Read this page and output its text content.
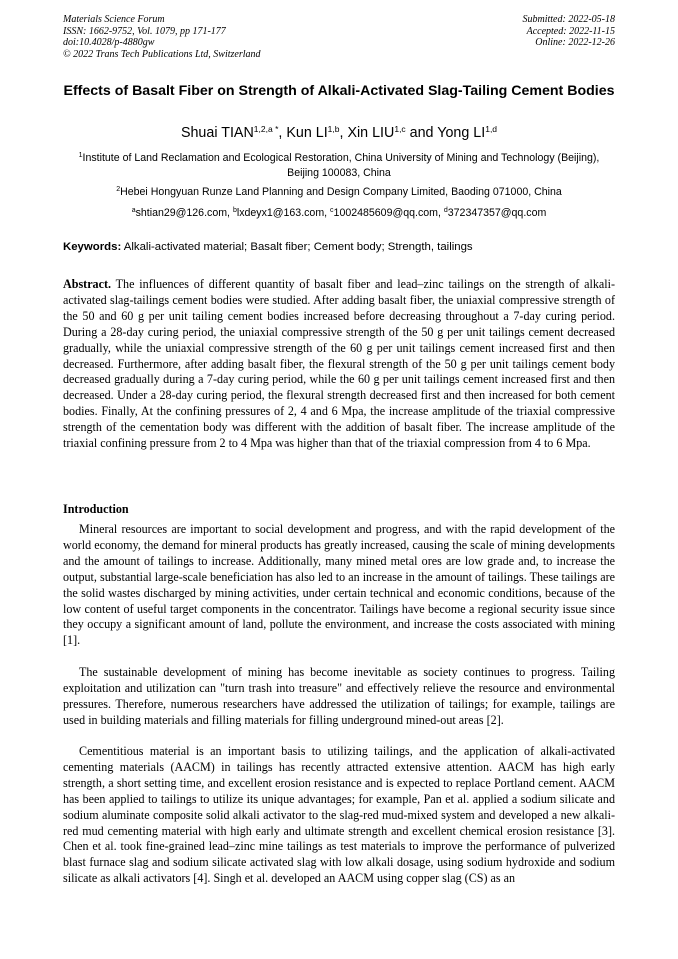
Materials Science Forum
ISSN: 1662-9752, Vol. 1079, pp 171-177
doi:10.4028/p-4880gw
© 2022 Trans Tech Publications Ltd, Switzerland
Submitted: 2022-05-18
Accepted: 2022-11-15
Online: 2022-12-26
Effects of Basalt Fiber on Strength of Alkali-Activated Slag-Tailing Cement Bodies
Shuai $TIAN^{1,2,a *}$, Kun LI$^{1,b}$, Xin LIU$^{1,c}$ and Yong LI$^{1,d}$
$^1$Institute of Land Reclamation and Ecological Restoration, China University of Mining and Technology (Beijing), Beijing 100083, China
$^2$Hebei Hongyuan Runze Land Planning and Design Company Limited, Baoding 071000, China
$^a$shtian29@126.com, $^b$lxdeyx1@163.com, $^c$1002485609@qq.com, $^d$372347357@qq.com
Keywords: Alkali-activated material; Basalt fiber; Cement body; Strength, tailings
Abstract. The influences of different quantity of basalt fiber and lead–zinc tailings on the strength of alkali-activated slag-tailings cement bodies were studied. After adding basalt fiber, the uniaxial compressive strength of the 50 and 60 g per unit tailing cement bodies increased before decreasing throughout a 7-day curing period. During a 28-day curing period, the uniaxial compressive strength of the 50 g per unit tailings cement decreased gradually, while the uniaxial compressive strength of the 60 g per unit tailings cement increased first and then decreased. Furthermore, after adding basalt fiber, the flexural strength of the 50 g per unit tailings cement body decreased gradually during a 7-day curing period, while the 60 g per unit tailings cement increased first and then decreased. Under a 28-day curing period, the flexural strength decreased first and then increased for both cement bodies. Finally, At the confining pressures of 2, 4 and 6 Mpa, the increase amplitude of the triaxial compressive strength of the cementation body was different with the addition of basalt fiber. The increase amplitude of the triaxial confining pressure from 2 to 4 Mpa was higher than that of the triaxial compression from 4 to 6 Mpa.
Introduction
Mineral resources are important to social development and progress, and with the rapid development of the world economy, the demand for mineral products has greatly increased, causing the scale of mining developments and the amount of tailings to increase. Additionally, many mined metal ores are low grade and, to increase the output, substantial large-scale beneficiation has also led to an increase in the amount of tailings. These tailings are the solid wastes discharged by mining activities, under certain technical and economic conditions, because of the low content of useful target components in the concentrator. Tailings have become a regional security issue since they occupy a significant amount of land, pollute the environment, and increase the costs associated with mining [1].
The sustainable development of mining has become inevitable as society continues to progress. Tailing exploitation and utilization can "turn trash into treasure" and effectively relieve the resource and environmental pressures. Therefore, numerous researchers have addressed the utilization of tailings; for example, tailings are used in building materials and filling materials for filling underground mined-out areas [2].
Cementitious material is an important basis to utilizing tailings, and the application of alkali-activated cementing materials (AACM) in tailings has recently attracted extensive attention. AACM has high early strength, a short setting time, and excellent erosion resistance and is expected to replace Portland cement. AACM has been applied to tailings to utilize its unique advantages; for example, Pan et al. applied a sodium silicate and sodium aluminate composite solid alkali activator to the slag-red mud-mixed system and developed a new alkali-red mud cementing material with high early and ultimate strength and excellent chemical erosion resistance [3]. Chen et al. took fine-grained lead–zinc mine tailings as test materials to improve the performance of pulverized blast furnace slag and sodium silicate activated slag with low alkali dosage, using sodium hydroxide and sodium silicate as alkali activators [4]. Singh et al. developed an AACM using copper slag (CS) as an
